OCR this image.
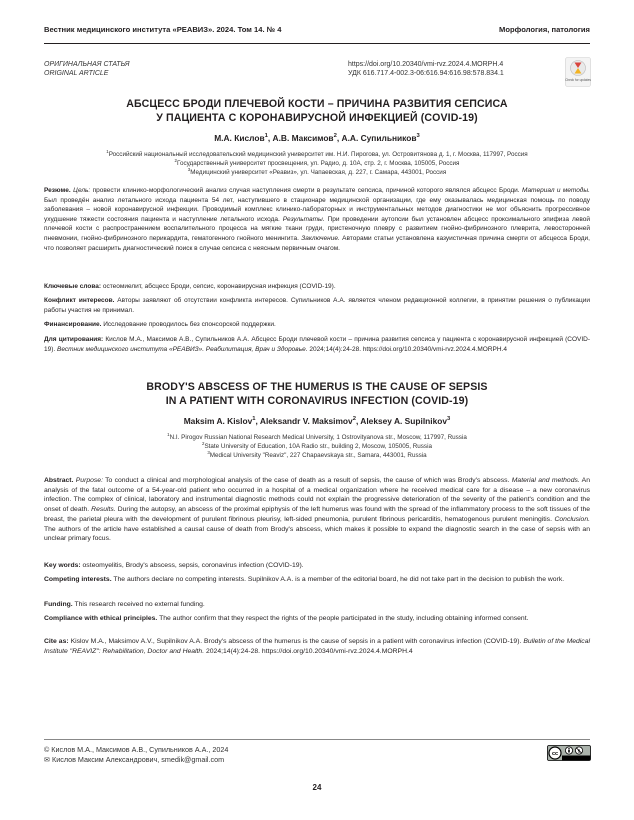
Вестник медицинского института «РЕАВИЗ». 2024. Том 14. № 4	Морфология, патология
ОРИГИНАЛЬНАЯ СТАТЬЯ
ORIGINAL ARTICLE
https://doi.org/10.20340/vmi-rvz.2024.4.MORPH.4
УДК 616.717.4-002.3-06:616.94:616.98:578.834.1
Check for updates
АБСЦЕСС БРОДИ ПЛЕЧЕВОЙ КОСТИ – ПРИЧИНА РАЗВИТИЯ СЕПСИСА
У ПАЦИЕНТА С КОРОНАВИРУСНОЙ ИНФЕКЦИЕЙ (COVID-19)
М.А. Кислов$^1$, А.В. Максимов$^2$, А.А. Супильников$^3$
$^1$Российский национальный исследовательский медицинский университет им. Н.И. Пирогова, ул. Островитянова д. 1, г. Москва, 117997, Россия
$^2$Государственный университет просвещения, ул. Радио, д. 10А, стр. 2, г. Москва, 105005, Россия
$^3$Медицинский университет «Реавиз», ул. Чапаевская, д. 227, г. Самара, 443001, Россия
Резюме. Цель: провести клинико-морфологический анализ случая наступления смерти в результате сепсиса, причиной которого являлся абсцесс Броди. Материал и методы. Был проведён анализ летального исхода пациента 54 лет, наступившего в стационаре медицинской организации, где ему оказывалась медицинская помощь по поводу заболевания – новой коронавирусной инфекции. Проводимый комплекс клинико-лабораторных и инструментальных методов диагностики не мог объяснить прогрессивное ухудшение тяжести состояния пациента и наступление летального исхода. Результаты. При проведении аутопсии был установлен абсцесс проксимального эпифиза левой плечевой кости с распространением воспалительного процесса на мягкие ткани груди, пристеночную плевру с развитием гнойно-фибринозного плеврита, левосторонней пневмонии, гнойно-фибринозного перикардита, гематогенного гнойного менингита. Заключение. Авторами статьи установлена казуистичная причина смерти от абсцесса Броди, что позволяет расширить диагностический поиск в случае сепсиса с неясным первичным очагом.
Ключевые слова: остеомиелит, абсцесс Броди, сепсис, коронавирусная инфекция (COVID-19).
Конфликт интересов. Авторы заявляют об отсутствии конфликта интересов. Супильников А.А. является членом редакционной коллегии, в принятии решения о публикации работы участия не принимал.
Финансирование. Исследование проводилось без спонсорской поддержки.
Для цитирования: Кислов М.А., Максимов А.В., Супильников А.А. Абсцесс Броди плечевой кости – причина развития сепсиса у пациента с коронавирусной инфекцией (COVID-19). Вестник медицинского института «РЕАВИЗ». Реабилитация, Врач и Здоровье. 2024;14(4):24-28. https://doi.org/10.20340/vmi-rvz.2024.4.MORPH.4
BRODY'S ABSCESS OF THE HUMERUS IS THE CAUSE OF SEPSIS
IN A PATIENT WITH CORONAVIRUS INFECTION (COVID-19)
Maksim A. Kislov$^1$, Aleksandr V. Maksimov$^2$, Aleksey A. Supilnikov$^3$
$^1$N.I. Pirogov Russian National Research Medical University, 1 Ostrovityanova str., Moscow, 117997, Russia
$^2$State University of Education, 10A Radio str., building 2, Moscow, 105005, Russia
$^3$Medical University "Reaviz", 227 Chapaevskaya str., Samara, 443001, Russia
Abstract. Purpose: To conduct a clinical and morphological analysis of the case of death as a result of sepsis, the cause of which was Brody's abscess. Material and methods. An analysis of the fatal outcome of a 54-year-old patient who occurred in a hospital of a medical organization where he received medical care for a disease – a new coronavirus infection. The complex of clinical, laboratory and instrumental diagnostic methods could not explain the progressive deterioration of the severity of the patient's condition and the onset of death. Results. During the autopsy, an abscess of the proximal epiphysis of the left humerus was found with the spread of the inflammatory process to the soft tissues of the breast, the parietal pleura with the development of purulent fibrinous pleurisy, left-sided pneumonia, purulent fibrinous pericarditis, hematogenous purulent meningitis. Conclusion. The authors of the article have established a causal cause of death from Brody's abscess, which makes it possible to expand the diagnostic search in the case of sepsis with an unclear primary focus.
Key words: osteomyelitis, Brody's abscess, sepsis, coronavirus infection (COVID-19).
Competing interests. The authors declare no competing interests. Supilnikov A.A. is a member of the editorial board, he did not take part in the decision to publish the work.
Funding. This research received no external funding.
Compliance with ethical principles. The author confirm that they respect the rights of the people participated in the study, including obtaining informed consent.
Cite as: Kislov M.A., Maksimov A.V., Supilnikov A.A. Brody's abscess of the humerus is the cause of sepsis in a patient with coronavirus infection (COVID-19). Bulletin of the Medical Institute "REAVIZ": Rehabilitation, Doctor and Health. 2024;14(4):24-28. https://doi.org/10.20340/vmi-rvz.2024.4.MORPH.4
© Кислов М.А., Максимов А.В., Супильников А.А., 2024
✉ Кислов Максим Александрович, smedik@gmail.com
cc
24
